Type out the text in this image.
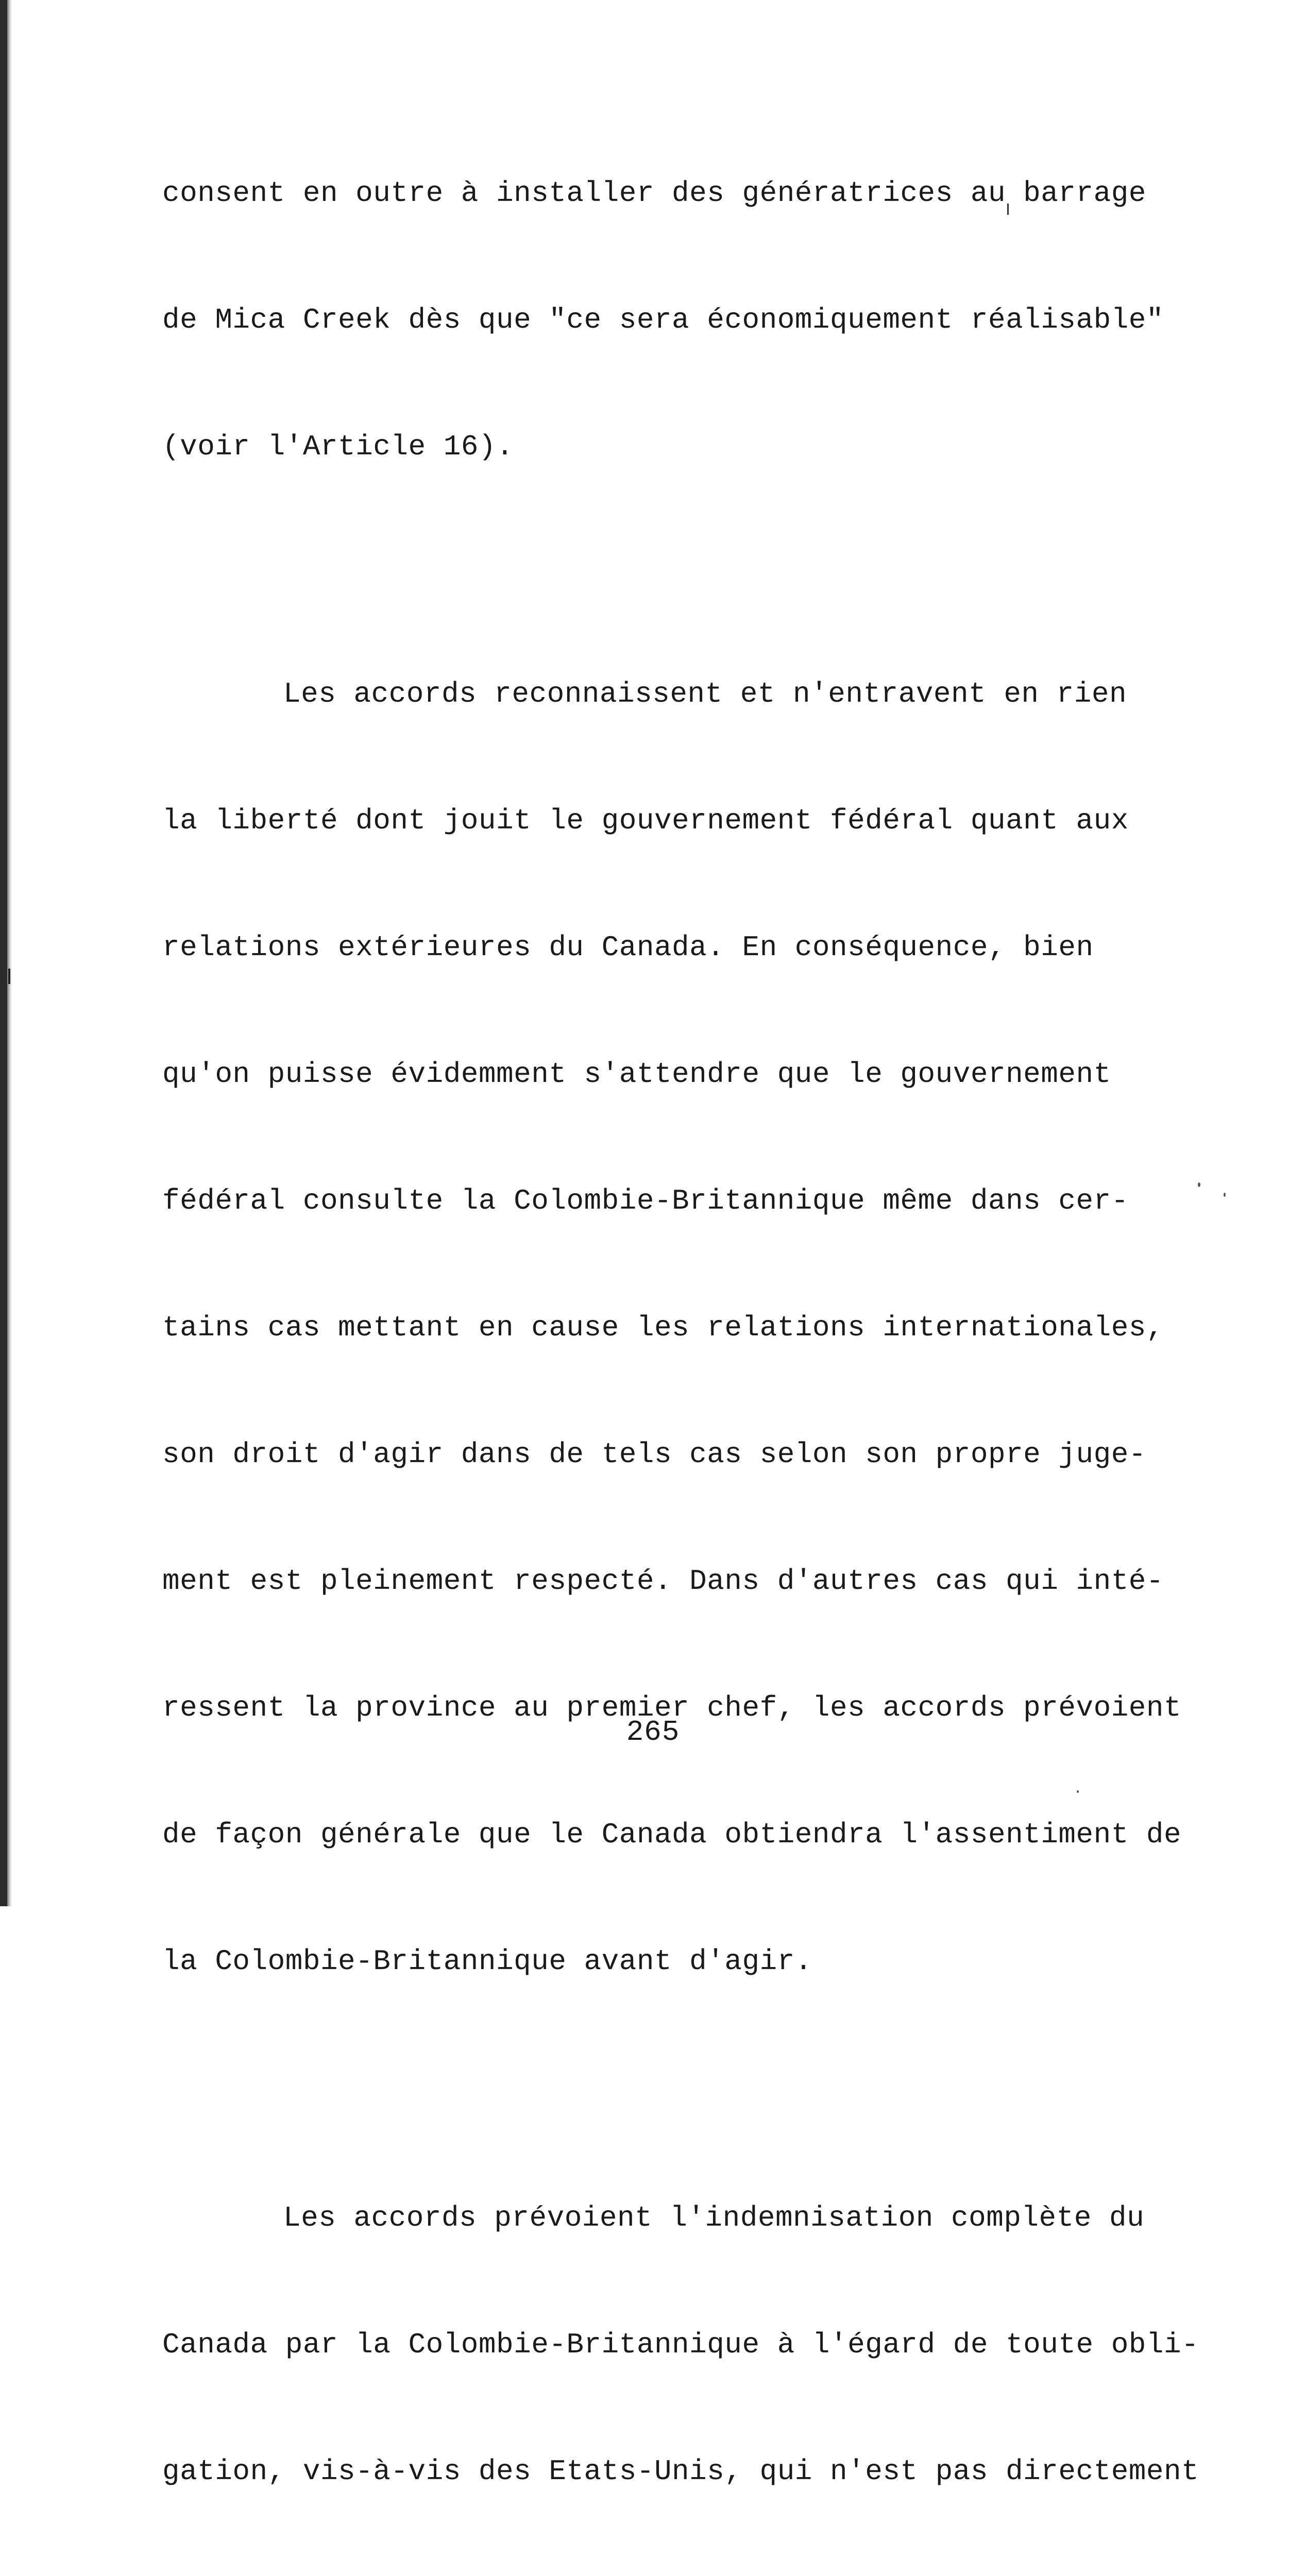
consent en outre à installer des génératrices au barrage

de Mica Creek dès que "ce sera économiquement réalisable"

(voir l'Article 16).

Les accords reconnaissent et n'entravent en rien

la liberté dont jouit le gouvernement fédéral quant aux

relations extérieures du Canada. En conséquence, bien

qu'on puisse évidemment s'attendre que le gouvernement

fédéral consulte la Colombie-Britannique même dans cer-

tains cas mettant en cause les relations internationales,

son droit d'agir dans de tels cas selon son propre juge-

ment est pleinement respecté. Dans d'autres cas qui inté-

ressent la province au premier chef, les accords prévoient

de façon générale que le Canada obtiendra l'assentiment de

la Colombie-Britannique avant d'agir.

Les accords prévoient l'indemnisation complète du

Canada par la Colombie-Britannique à l'égard de toute obli-

gation, vis-à-vis des Etats-Unis, qui n'est pas directement

265
